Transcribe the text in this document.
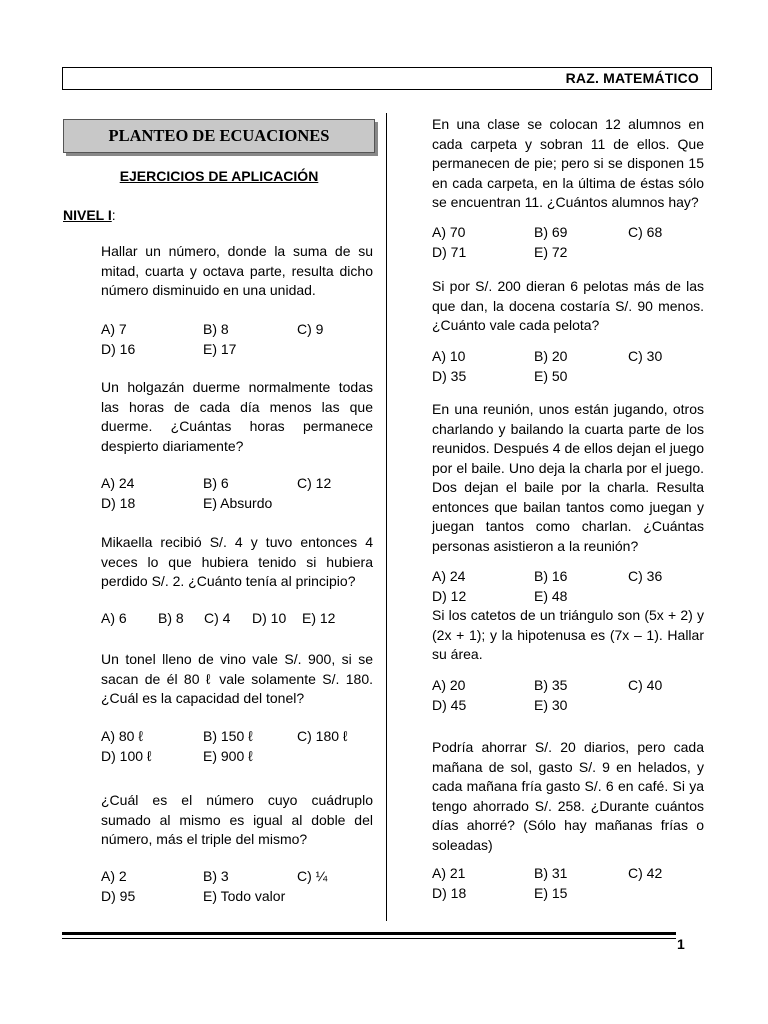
RAZ. MATEMÁTICO
PLANTEO DE ECUACIONES
EJERCICIOS DE APLICACIÓN
NIVEL I:

Hallar un número, donde la suma de su mitad, cuarta y octava parte, resulta dicho número disminuido en una unidad.

A) 7	B) 8	C) 9
D) 16	E) 17

Un holgazán duerme normalmente todas las horas de cada día menos las que duerme. ¿Cuántas horas permanece despierto diariamente?

A) 24	B) 6	C) 12
D) 18	E) Absurdo

Mikaella recibió S/. 4 y tuvo entonces 4 veces lo que hubiera tenido si hubiera perdido S/. 2. ¿Cuánto tenía al principio?

A) 6	B) 8	C) 4	D) 10	E) 12

Un tonel lleno de vino vale S/. 900, si se sacan de él 80 ℓ vale solamente S/. 180. ¿Cuál es la capacidad del tonel?

A) 80 ℓ	B) 150 ℓ	C) 180 ℓ
D) 100 ℓ	E) 900 ℓ

¿Cuál es el número cuyo cuádruplo sumado al mismo es igual al doble del número, más el triple del mismo?

A) 2	B) 3	C) ¼
D) 95	E) Todo valor

En una clase se colocan 12 alumnos en cada carpeta y sobran 11 de ellos. Que permanecen de pie; pero si se disponen 15 en cada carpeta, en la última de éstas sólo se encuentran 11. ¿Cuántos alumnos hay?

A) 70	B) 69	C) 68
D) 71	E) 72

Si por S/. 200 dieran 6 pelotas más de las que dan, la docena costaría S/. 90 menos. ¿Cuánto vale cada pelota?

A) 10	B) 20	C) 30
D) 35	E) 50

En una reunión, unos están jugando, otros charlando y bailando la cuarta parte de los reunidos. Después 4 de ellos dejan el juego por el baile. Uno deja la charla por el juego. Dos dejan el baile por la charla. Resulta entonces que bailan tantos como juegan y juegan tantos como charlan. ¿Cuántas personas asistieron a la reunión?

A) 24	B) 16	C) 36
D) 12	E) 48

Si los catetos de un triángulo son (5x + 2) y (2x + 1); y la hipotenusa es (7x – 1). Hallar su área.

A) 20	B) 35	C) 40
D) 45	E) 30

Podría ahorrar S/. 20 diarios, pero cada mañana de sol, gasto S/. 9 en helados, y cada mañana fría gasto S/. 6 en café. Si ya tengo ahorrado S/. 258. ¿Durante cuántos días ahorré? (Sólo hay mañanas frías o soleadas)

A) 21	B) 31	C) 42
D) 18	E) 15
1
